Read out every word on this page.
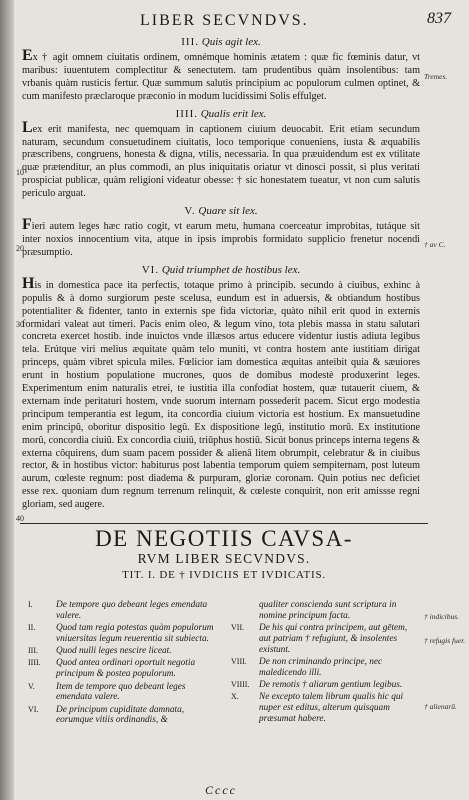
LIBER SECVNDVS.	837
III. Quis agit lex.

Ex † agit omnem ciuitatis ordinem, omnémque hominis ætatem : quæ fic fœminis datur, vt maribus: iuuentutem complectitur & senectutem. tam prudentibus quàm insolentibus: tam vrbanis quàm rusticis fertur. Quæ summum salutis principium ac populorum culmen optinet, & cum manifesto præclaroque præconio in modum lucidissimi Solis effulget.

IIII. Qualis erit lex.

Lex erit manifesta, nec quemquam in captionem ciuium deuocabit. Erit etiam secundum naturam, secundum consuetudinem ciuitatis, loco temporique conueniens, iusta & æquabilis præscribens, congruens, honesta & digna, vtilis, necessaria. In qua præuidendum est ex vtilitate quæ prætenditur, an plus commodi, an plus iniquitatis oriatur vt dinosci possit, si plus veritati prospiciat publicæ, quàm religioni videatur obesse: † sic honestatem tueatur, vt non cum salutis periculo arguat.

V. Quare sit lex.

Fieri autem leges hæc ratio cogit, vt earum metu, humana coerceatur improbitas, tutáque sit inter noxios innocentium vita, atque in ipsis improbis formidato supplicio frenetur nocendi præsumptio.

VI. Quid triumphet de hostibus lex.

His in domestica pace ita perfectis, totaque primo à principib. secundo à ciuibus, exhinc à populis & à domo surgiorum peste scelusa, eundum est in aduersis, & obtiandum hostibus potentialiter & fidenter, tanto in externis spe fida victoriæ, quàto nihil erit quod in externis formidari valeat aut timeri. Pacis enim oleo, & legum vino, tota plebis massa in statu salutari concreta exercet hostib. inde inuictos vnde illæsos artus educere videntur iustis adiuta legibus tela. Erútque viri melius æquitate quàm telo muniti, vt contra hostem ante iustitiam dirigat princeps, quàm vibret spicula miles. Fœlicior iam domestica æquitas anteibit quia & sæuiores erunt in hostium populatione mucrones, quos de domibus modestè produxerint leges. Experimentum enim naturalis etrei, te iustitia illa confodiat hostem, quæ tutauerit ciuem, & externam inde peritaturi hostem, vnde suorum internam possederit pacem. Sicut ergo modestia principum temperantia est legum, ita concordia ciuium victoria est hostium. Ex mansuetudine enim principû, oboritur dispositio legû. Ex dispositione legû, institutio morû. Ex institutione morû, concordia ciuiû. Ex concordia ciuiû, triūphus hostiû. Sicút bonus princeps interna tegens & externa côquirens, dum suam pacem possider & alienâ litem obrumpit, celebratur & in ciuibus rector, & in hostibus victor: habiturus post labentia temporum quiem sempiternam, post luteum aurum, cœleste regnum: post diadema & purpuram, gloriæ coronam. Quin potius nec deficiet esse rex. quoniam dum regnum terrenum relinquit, & cœleste conquirit, non erit amissse regni gloriam, sed augere.

Tremes.
† av C.
10
20
30
40
DE NEGOTIIS CAVSA-
RVM LIBER SECVNDVS.
TIT. I. DE † IVDICIIS ET IVDICATIS.
I.	De tempore quo debeant leges emendata valere.
II. Quod tam regia potestas quàm populorum vniuersitas legum reuerentia sit subiecta.
III. Quod nulli leges nescire liceat.
IIII. Quod antea ordinari oportuit negotia principum & postea populorum.
V. Item de tempore quo debeant leges emendata valere.
VI. De principum cupiditate damnata, eorumque vitiis ordinandis, &
qualiter conscienda sunt scriptura in nomine principum facta.
VII. De his qui contra principem, aut gētem, aut patriam † refugiunt, & insolentes existunt.
VIII. De non criminando principe, nec maledicendo illi.
VIIII. De remotis † aliarum gentium legibus.
X. Ne excepto talem librum qualis hic qui nuper est editus, alterum quisquam præsumat habere.
† indicibus.
† refugis fuer.
† alienarū.
Cccc
